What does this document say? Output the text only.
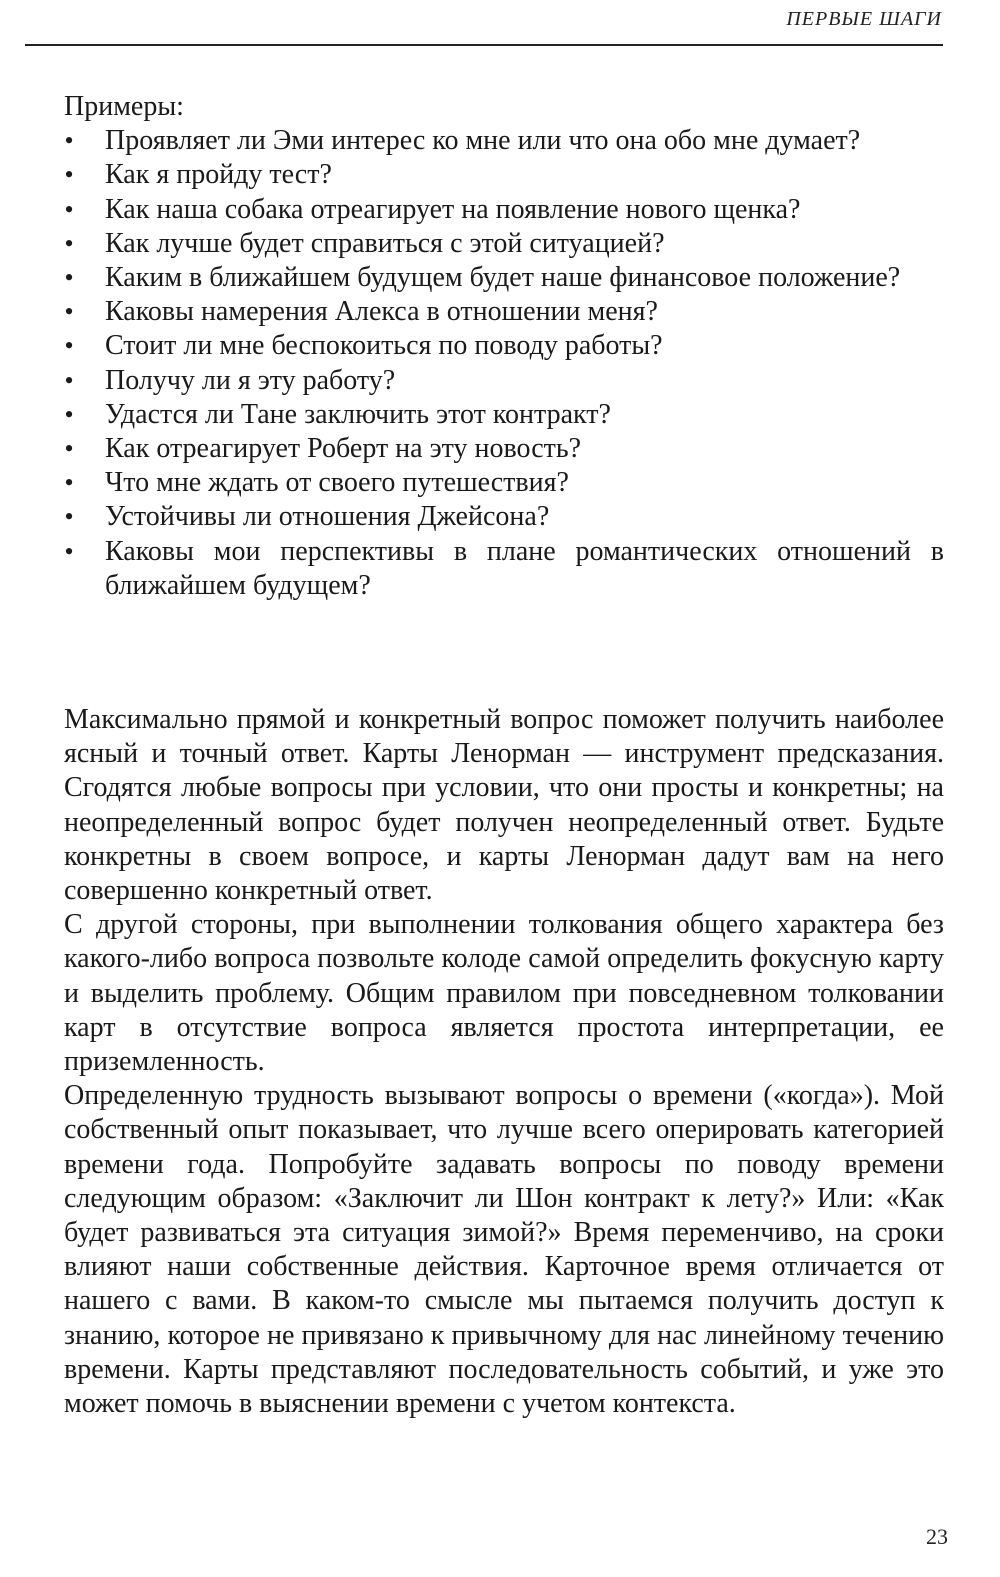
ПЕРВЫЕ ШАГИ
Примеры:
• Проявляет ли Эми интерес ко мне или что она обо мне думает?
• Как я пройду тест?
• Как наша собака отреагирует на появление нового щенка?
• Как лучше будет справиться с этой ситуацией?
• Каким в ближайшем будущем будет наше финансовое положение?
• Каковы намерения Алекса в отношении меня?
• Стоит ли мне беспокоиться по поводу работы?
• Получу ли я эту работу?
• Удастся ли Тане заключить этот контракт?
• Как отреагирует Роберт на эту новость?
• Что мне ждать от своего путешествия?
• Устойчивы ли отношения Джейсона?
• Каковы мои перспективы в плане романтических отношений в ближайшем будущем?

Максимально прямой и конкретный вопрос поможет получить наиболее ясный и точный ответ. Карты Ленорман — инструмент предсказания. Сгодятся любые вопросы при условии, что они просты и конкретны; на неопределенный вопрос будет получен неопределенный ответ. Будьте конкретны в своем вопросе, и карты Ленорман дадут вам на него совершенно конкретный ответ.

С другой стороны, при выполнении толкования общего характера без какого-либо вопроса позвольте колоде самой определить фокусную карту и выделить проблему. Общим правилом при повседневном толковании карт в отсутствие вопроса является простота интерпретации, ее приземленность.

Определенную трудность вызывают вопросы о времени («когда»). Мой собственный опыт показывает, что лучше всего оперировать категорией времени года. Попробуйте задавать вопросы по поводу времени следующим образом: «Заключит ли Шон контракт к лету?» Или: «Как будет развиваться эта ситуация зимой?» Время переменчиво, на сроки влияют наши собственные действия. Карточное время отличается от нашего с вами. В каком-то смысле мы пытаемся получить доступ к знанию, которое не привязано к привычному для нас линейному течению времени. Карты представляют последовательность событий, и уже это может помочь в выяснении времени с учетом контекста.

23
